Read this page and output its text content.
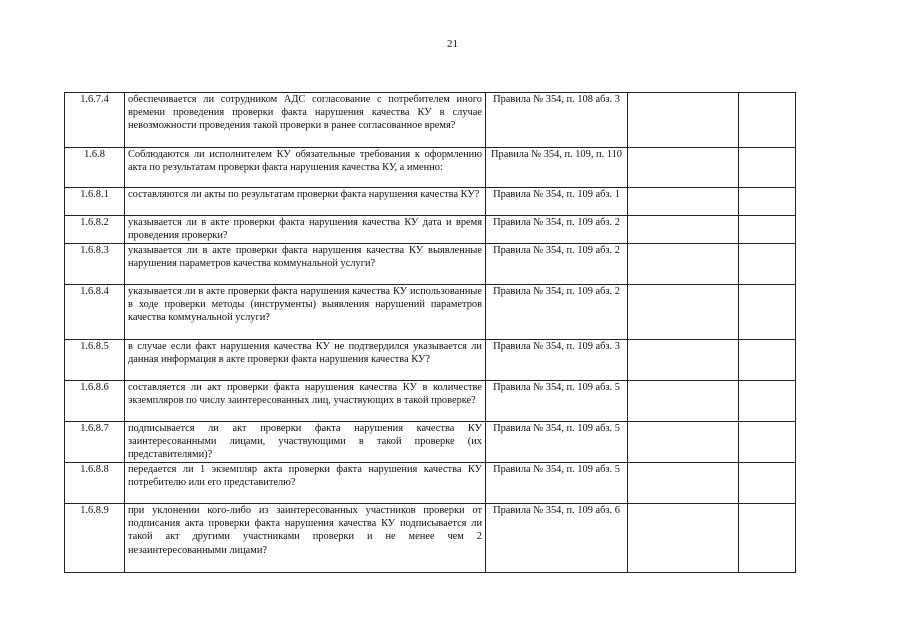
21
1.6.7.4	обеспечивается ли сотрудником АДС согласование с потребителем иного времени проведения проверки факта нарушения качества КУ в случае невозможности проведения такой проверки в ранее согласованное время?	Правила № 354, п. 108 абз. 3		
1.6.8	Соблюдаются ли исполнителем КУ обязательные требования к оформлению акта по результатам проверки факта нарушения качества КУ, а именно:	Правила № 354, п. 109, п. 110		
1.6.8.1	составляются ли акты по результатам проверки факта нарушения качества КУ?	Правила № 354, п. 109 абз. 1		
1.6.8.2	указывается ли в акте проверки факта нарушения качества КУ дата и время проведения проверки?	Правила № 354, п. 109 абз. 2		
1.6.8.3	указывается ли в акте проверки факта нарушения качества КУ выявленные нарушения параметров качества коммунальной услуги?	Правила № 354, п. 109 абз. 2		
1.6.8.4	указывается ли в акте проверки факта нарушения качества КУ использованные в ходе проверки методы (инструменты) выявления нарушений параметров качества коммунальной услуги?	Правила № 354, п. 109 абз. 2		
1.6.8.5	в случае если факт нарушения качества КУ не подтвердился указывается ли данная информация в акте проверки факта нарушения качества КУ?	Правила № 354, п. 109 абз. 3		
1.6.8.6	составляется ли акт проверки факта нарушения качества КУ в количестве экземпляров по числу заинтересованных лиц, участвующих в такой проверке?	Правила № 354, п. 109 абз. 5		
1.6.8.7	подписывается ли акт проверки факта нарушения качества КУ заинтересованными лицами, участвующими в такой проверке (их представителями)?	Правила № 354, п. 109 абз. 5		
1.6.8.8	передается ли 1 экземпляр акта проверки факта нарушения качества КУ потребителю или его представителю?	Правила № 354, п. 109 абз. 5		
1.6.8.9	при уклонении кого-либо из заинтересованных участников проверки от подписания акта проверки факта нарушения качества КУ подписывается ли такой акт другими участниками проверки и не менее чем 2 незаинтересованными лицами?	Правила № 354, п. 109 абз. 6		
